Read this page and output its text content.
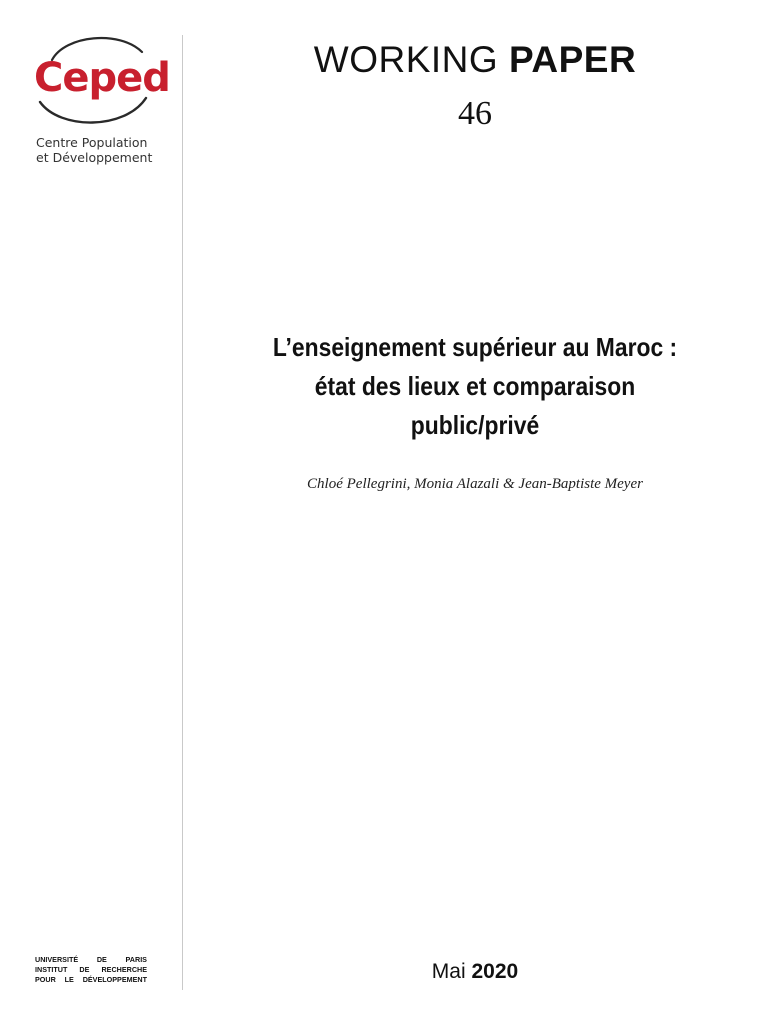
Ceped
Centre Population
et Développement
WORKING PAPER
46
L’enseignement supérieur au Maroc :
état des lieux et comparaison
public/privé
Chloé Pellegrini, Monia Alazali & Jean-Baptiste Meyer
UNIVERSITÉ	DE	PARIS
INSTITUT DE RECHERCHE
POUR LE DÉVELOPPEMENT	Mai 2020
